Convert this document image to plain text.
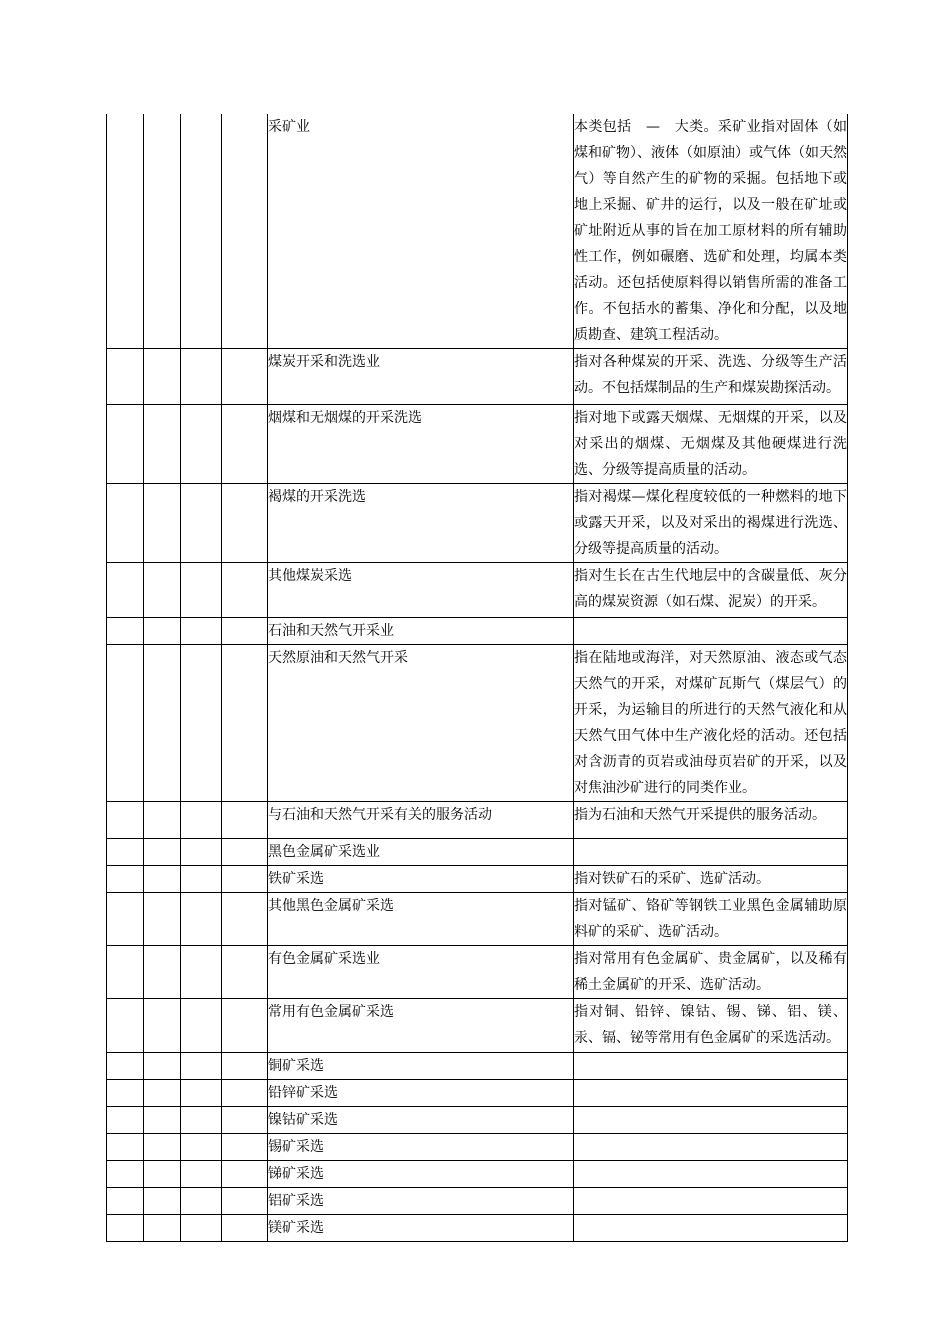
				采矿业	本类包括　—　大类。采矿业指对固体（如煤和矿物）、液体（如原油）或气体（如天然气）等自然产生的矿物的采掘。包括地下或地上采掘、矿井的运行，以及一般在矿址或矿址附近从事的旨在加工原材料的所有辅助性工作，例如碾磨、选矿和处理，均属本类活动。还包括使原料得以销售所需的准备工作。不包括水的蓄集、净化和分配，以及地质勘查、建筑工程活动。
				煤炭开采和洗选业	指对各种煤炭的开采、洗选、分级等生产活动。不包括煤制品的生产和煤炭勘探活动。
				烟煤和无烟煤的开采洗选	指对地下或露天烟煤、无烟煤的开采，以及对采出的烟煤、无烟煤及其他硬煤进行洗选、分级等提高质量的活动。
				褐煤的开采洗选	指对褐煤—煤化程度较低的一种燃料的地下或露天开采，以及对采出的褐煤进行洗选、分级等提高质量的活动。
				其他煤炭采选	指对生长在古生代地层中的含碳量低、灰分高的煤炭资源（如石煤、泥炭）的开采。
				石油和天然气开采业	
				天然原油和天然气开采	指在陆地或海洋，对天然原油、液态或气态天然气的开采，对煤矿瓦斯气（煤层气）的开采，为运输目的所进行的天然气液化和从天然气田气体中生产液化烃的活动。还包括对含沥青的页岩或油母页岩矿的开采，以及对焦油沙矿进行的同类作业。
				与石油和天然气开采有关的服务活动	指为石油和天然气开采提供的服务活动。
				黑色金属矿采选业	
				铁矿采选	指对铁矿石的采矿、选矿活动。
				其他黑色金属矿采选	指对锰矿、铬矿等钢铁工业黑色金属辅助原料矿的采矿、选矿活动。
				有色金属矿采选业	指对常用有色金属矿、贵金属矿，以及稀有稀土金属矿的开采、选矿活动。
				常用有色金属矿采选	指对铜、铅锌、镍钴、锡、锑、铝、镁、汞、镉、铋等常用有色金属矿的采选活动。
				铜矿采选	
				铅锌矿采选	
				镍钴矿采选	
				锡矿采选	
				锑矿采选	
				铝矿采选	
				镁矿采选	
